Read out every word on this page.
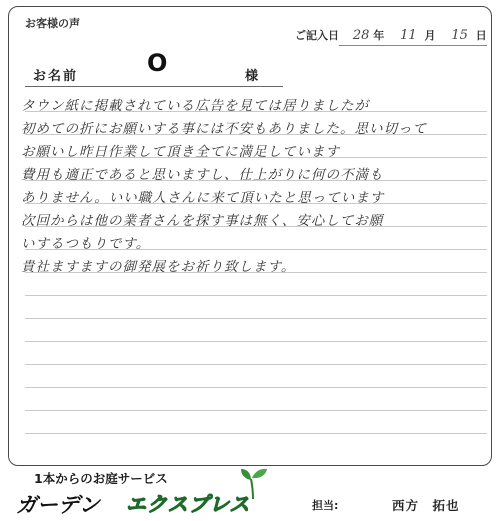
お客様の声
ご記入日 28 年 11 月 15 日
お名前	O	様
タウン紙に掲載されている広告を見ては居りましたが
初めての折にお願いする事には不安もありました。思い切って
お願いし昨日作業して頂き全てに満足しています
費用も適正であると思いますし、仕上がりに何の不満も
ありません。いい職人さんに来て頂いたと思っています
次回からは他の業者さんを探す事は無く、安心してお願
いするつもりです。
貴社ますますの御発展をお祈り致します。
1本からのお庭サービス
ガーデン エクスプレス	担当:	西方　拓也
